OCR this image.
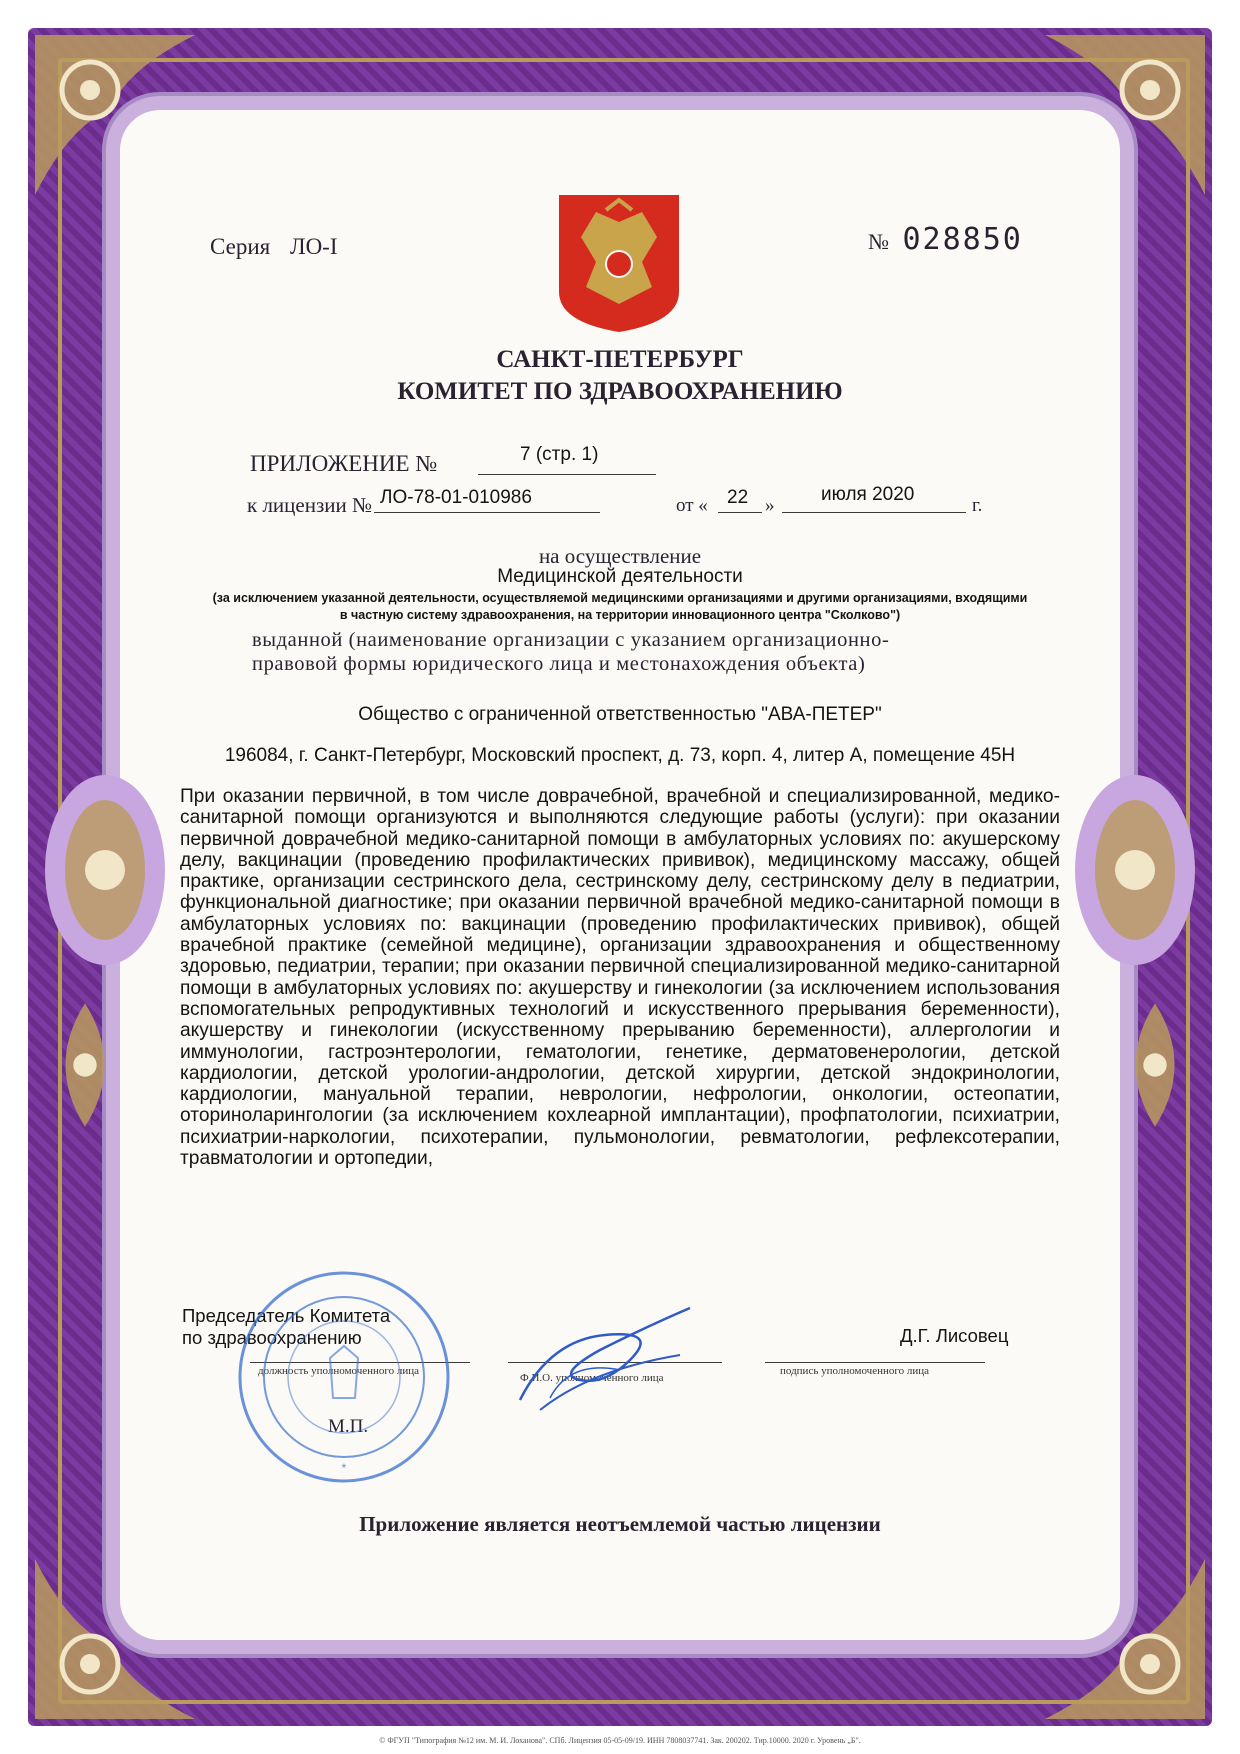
Серия ЛО-I	№ 028850
САНКТ-ПЕТЕРБУРГ
КОМИТЕТ ПО ЗДРАВООХРАНЕНИЮ
ПРИЛОЖЕНИЕ №	7 (стр. 1)
к лицензии № ЛО-78-01-010986	от « 22 »
июля 2020
г.
на осуществление
Медицинской деятельности
(за исключением указанной деятельности, осуществляемой медицинскими организациями и другими организациями, входящими
в частную систему здравоохранения, на территории инновационного центра "Сколково")
выданной (наименование организации с указанием организационно-
правовой формы юридического лица и местонахождения объекта)
Общество с ограниченной ответственностью "АВА-ПЕТЕР"
196084, г. Санкт-Петербург, Московский проспект, д. 73, корп. 4, литер А, помещение 45Н
При оказании первичной, в том числе доврачебной, врачебной и специализированной, медико-санитарной помощи организуются и выполняются следующие работы (услуги): при оказании первичной доврачебной медико-санитарной помощи в амбулаторных условиях по: акушерскому делу, вакцинации (проведению профилактических прививок), медицинскому массажу, общей практике, организации сестринского дела, сестринскому делу, сестринскому делу в педиатрии, функциональной диагностике; при оказании первичной врачебной медико-санитарной помощи в амбулаторных условиях по: вакцинации (проведению профилактических прививок), общей врачебной практике (семейной медицине), организации здравоохранения и общественному здоровью, педиатрии, терапии; при оказании первичной специализированной медико-санитарной помощи в амбулаторных условиях по: акушерству и гинекологии (за исключением использования вспомогательных репродуктивных технологий и искусственного прерывания беременности), акушерству и гинекологии (искусственному прерыванию беременности), аллергологии и иммунологии, гастроэнтерологии, гематологии, генетике, дерматовенерологии, детской кардиологии, детской урологии-андрологии, детской хирургии, детской эндокринологии, кардиологии, мануальной терапии, неврологии, нефрологии, онкологии, остеопатии, оториноларингологии (за исключением кохлеарной имплантации), профпатологии, психиатрии, психиатрии-наркологии, психотерапии, пульмонологии, ревматологии, рефлексотерапии, травматологии и ортопедии,
Председатель Комитета
по здравоохранению	Д.Г. Лисовец
должность уполномоченного лица
Ф.И.О. уполномоченного лица
подпись уполномоченного лица
М.П.
*
Приложение является неотъемлемой частью лицензии
© ФГУП "Типография №12 им. М. И. Лоханова". СПб. Лицензия 05-05-09/19. ИНН 7808037741. Зак. 200202. Тир.10000. 2020 г. Уровень „Б".
